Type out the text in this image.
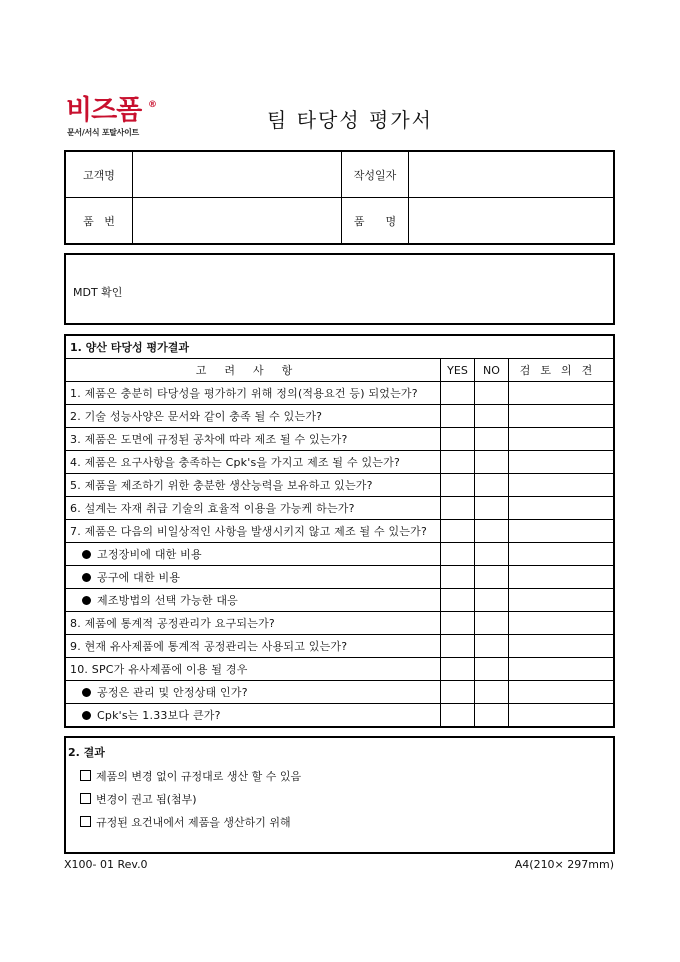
비즈폼 ®
문서/서식 포탈사이트
팀 타당성 평가서
고객명		작성일자	
품   번		품      명	
MDT 확인
1. 양산 타당성 평가결과			
고려사항	YES	NO	검토의견
1. 제품은 충분히 타당성을 평가하기 위해 정의(적용요건 등) 되었는가?			
2. 기술 성능사양은 문서와 같이 충족 될 수 있는가?			
3. 제품은 도면에 규정된 공차에 따라 제조 될 수 있는가?			
4. 제품은 요구사항을 충족하는 Cpk's을 가지고 제조 될 수 있는가?			
5. 제품을 제조하기 위한 충분한 생산능력을 보유하고 있는가?			
6. 설계는 자재 취급 기술의 효율적 이용을 가능케 하는가?			
7. 제품은 다음의 비일상적인 사항을 발생시키지 않고 제조 될 수 있는가?			
고정장비에 대한 비용			
공구에 대한 비용			
제조방법의 선택 가능한 대응			
8. 제품에 통계적 공정관리가 요구되는가?			
9. 현재 유사제품에 통계적 공정관리는 사용되고 있는가?			
10. SPC가 유사제품에 이용 될 경우			
공정은 관리 및 안정상태 인가?			
Cpk's는 1.33보다 큰가?			
2. 결과
제품의 변경 없이 규정대로 생산 할 수 있음
변경이 권고 됨(첨부)
규정된 요건내에서 제품을 생산하기 위해
X100- 01 Rev.0	A4(210× 297mm)
